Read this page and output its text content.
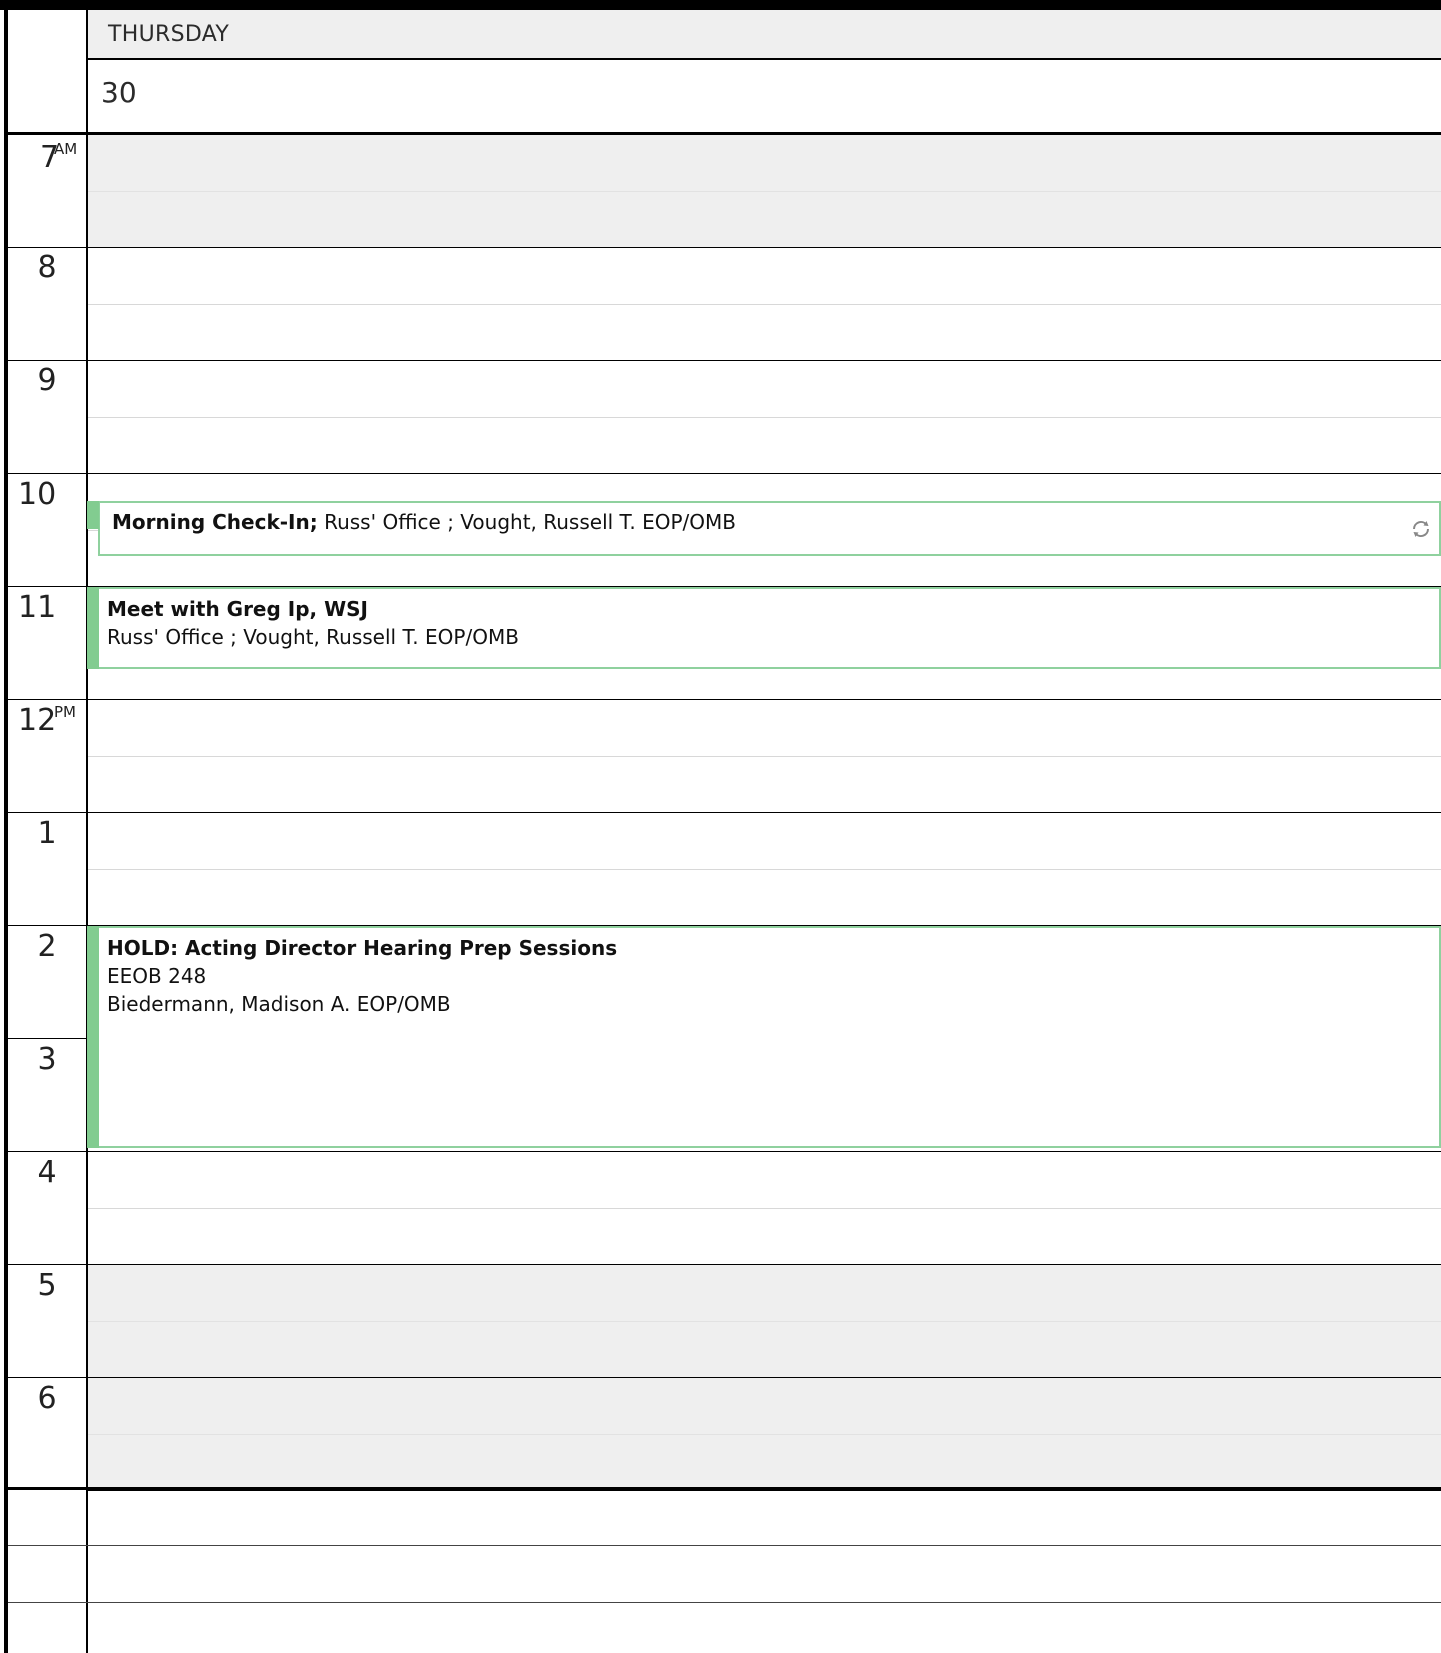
THURSDAY
30
7
AM
8
9
10
11
12
PM
1
2
3
4
5
6
Morning Check-In; Russ' Office ; Vought, Russell T. EOP/OMB
Meet with Greg Ip, WSJ
Russ' Office ; Vought, Russell T. EOP/OMB
HOLD: Acting Director Hearing Prep Sessions
EEOB 248
Biedermann, Madison A. EOP/OMB
